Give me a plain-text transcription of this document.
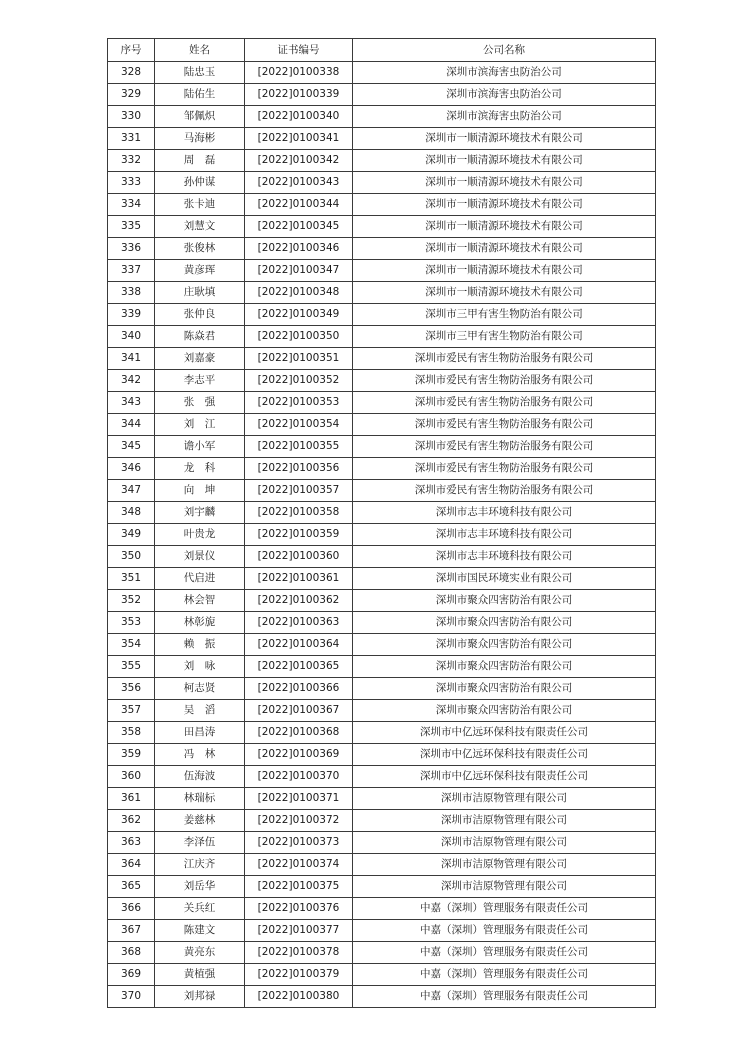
序号	姓名	证书编号	公司名称
328	陆忠玉	[2022]0100338	深圳市滨海害虫防治公司
329	陆佑生	[2022]0100339	深圳市滨海害虫防治公司
330	邹佩炽	[2022]0100340	深圳市滨海害虫防治公司
331	马海彬	[2022]0100341	深圳市一顺清源环境技术有限公司
332	周　磊	[2022]0100342	深圳市一顺清源环境技术有限公司
333	孙仲谋	[2022]0100343	深圳市一顺清源环境技术有限公司
334	张卡迪	[2022]0100344	深圳市一顺清源环境技术有限公司
335	刘慧文	[2022]0100345	深圳市一顺清源环境技术有限公司
336	张俊林	[2022]0100346	深圳市一顺清源环境技术有限公司
337	黄彦珲	[2022]0100347	深圳市一顺清源环境技术有限公司
338	庄耿填	[2022]0100348	深圳市一顺清源环境技术有限公司
339	张仲良	[2022]0100349	深圳市三甲有害生物防治有限公司
340	陈焱君	[2022]0100350	深圳市三甲有害生物防治有限公司
341	刘嘉豪	[2022]0100351	深圳市爱民有害生物防治服务有限公司
342	李志平	[2022]0100352	深圳市爱民有害生物防治服务有限公司
343	张　强	[2022]0100353	深圳市爱民有害生物防治服务有限公司
344	刘　江	[2022]0100354	深圳市爱民有害生物防治服务有限公司
345	谵小军	[2022]0100355	深圳市爱民有害生物防治服务有限公司
346	龙　科	[2022]0100356	深圳市爱民有害生物防治服务有限公司
347	向　坤	[2022]0100357	深圳市爱民有害生物防治服务有限公司
348	刘宇麟	[2022]0100358	深圳市志丰环境科技有限公司
349	叶贵龙	[2022]0100359	深圳市志丰环境科技有限公司
350	刘景仪	[2022]0100360	深圳市志丰环境科技有限公司
351	代启进	[2022]0100361	深圳市国民环境实业有限公司
352	林会智	[2022]0100362	深圳市聚众四害防治有限公司
353	林彰旎	[2022]0100363	深圳市聚众四害防治有限公司
354	赖　振	[2022]0100364	深圳市聚众四害防治有限公司
355	刘　咏	[2022]0100365	深圳市聚众四害防治有限公司
356	柯志贤	[2022]0100366	深圳市聚众四害防治有限公司
357	吴　滔	[2022]0100367	深圳市聚众四害防治有限公司
358	田昌涛	[2022]0100368	深圳市中亿远环保科技有限责任公司
359	冯　林	[2022]0100369	深圳市中亿远环保科技有限责任公司
360	伍海波	[2022]0100370	深圳市中亿远环保科技有限责任公司
361	林瑞标	[2022]0100371	深圳市洁原物管理有限公司
362	姜慈林	[2022]0100372	深圳市洁原物管理有限公司
363	李泽伍	[2022]0100373	深圳市洁原物管理有限公司
364	江庆齐	[2022]0100374	深圳市洁原物管理有限公司
365	刘岳华	[2022]0100375	深圳市洁原物管理有限公司
366	关兵红	[2022]0100376	中嘉（深圳）管理服务有限责任公司
367	陈建文	[2022]0100377	中嘉（深圳）管理服务有限责任公司
368	黄亮东	[2022]0100378	中嘉（深圳）管理服务有限责任公司
369	黄植强	[2022]0100379	中嘉（深圳）管理服务有限责任公司
370	刘邦禄	[2022]0100380	中嘉（深圳）管理服务有限责任公司
